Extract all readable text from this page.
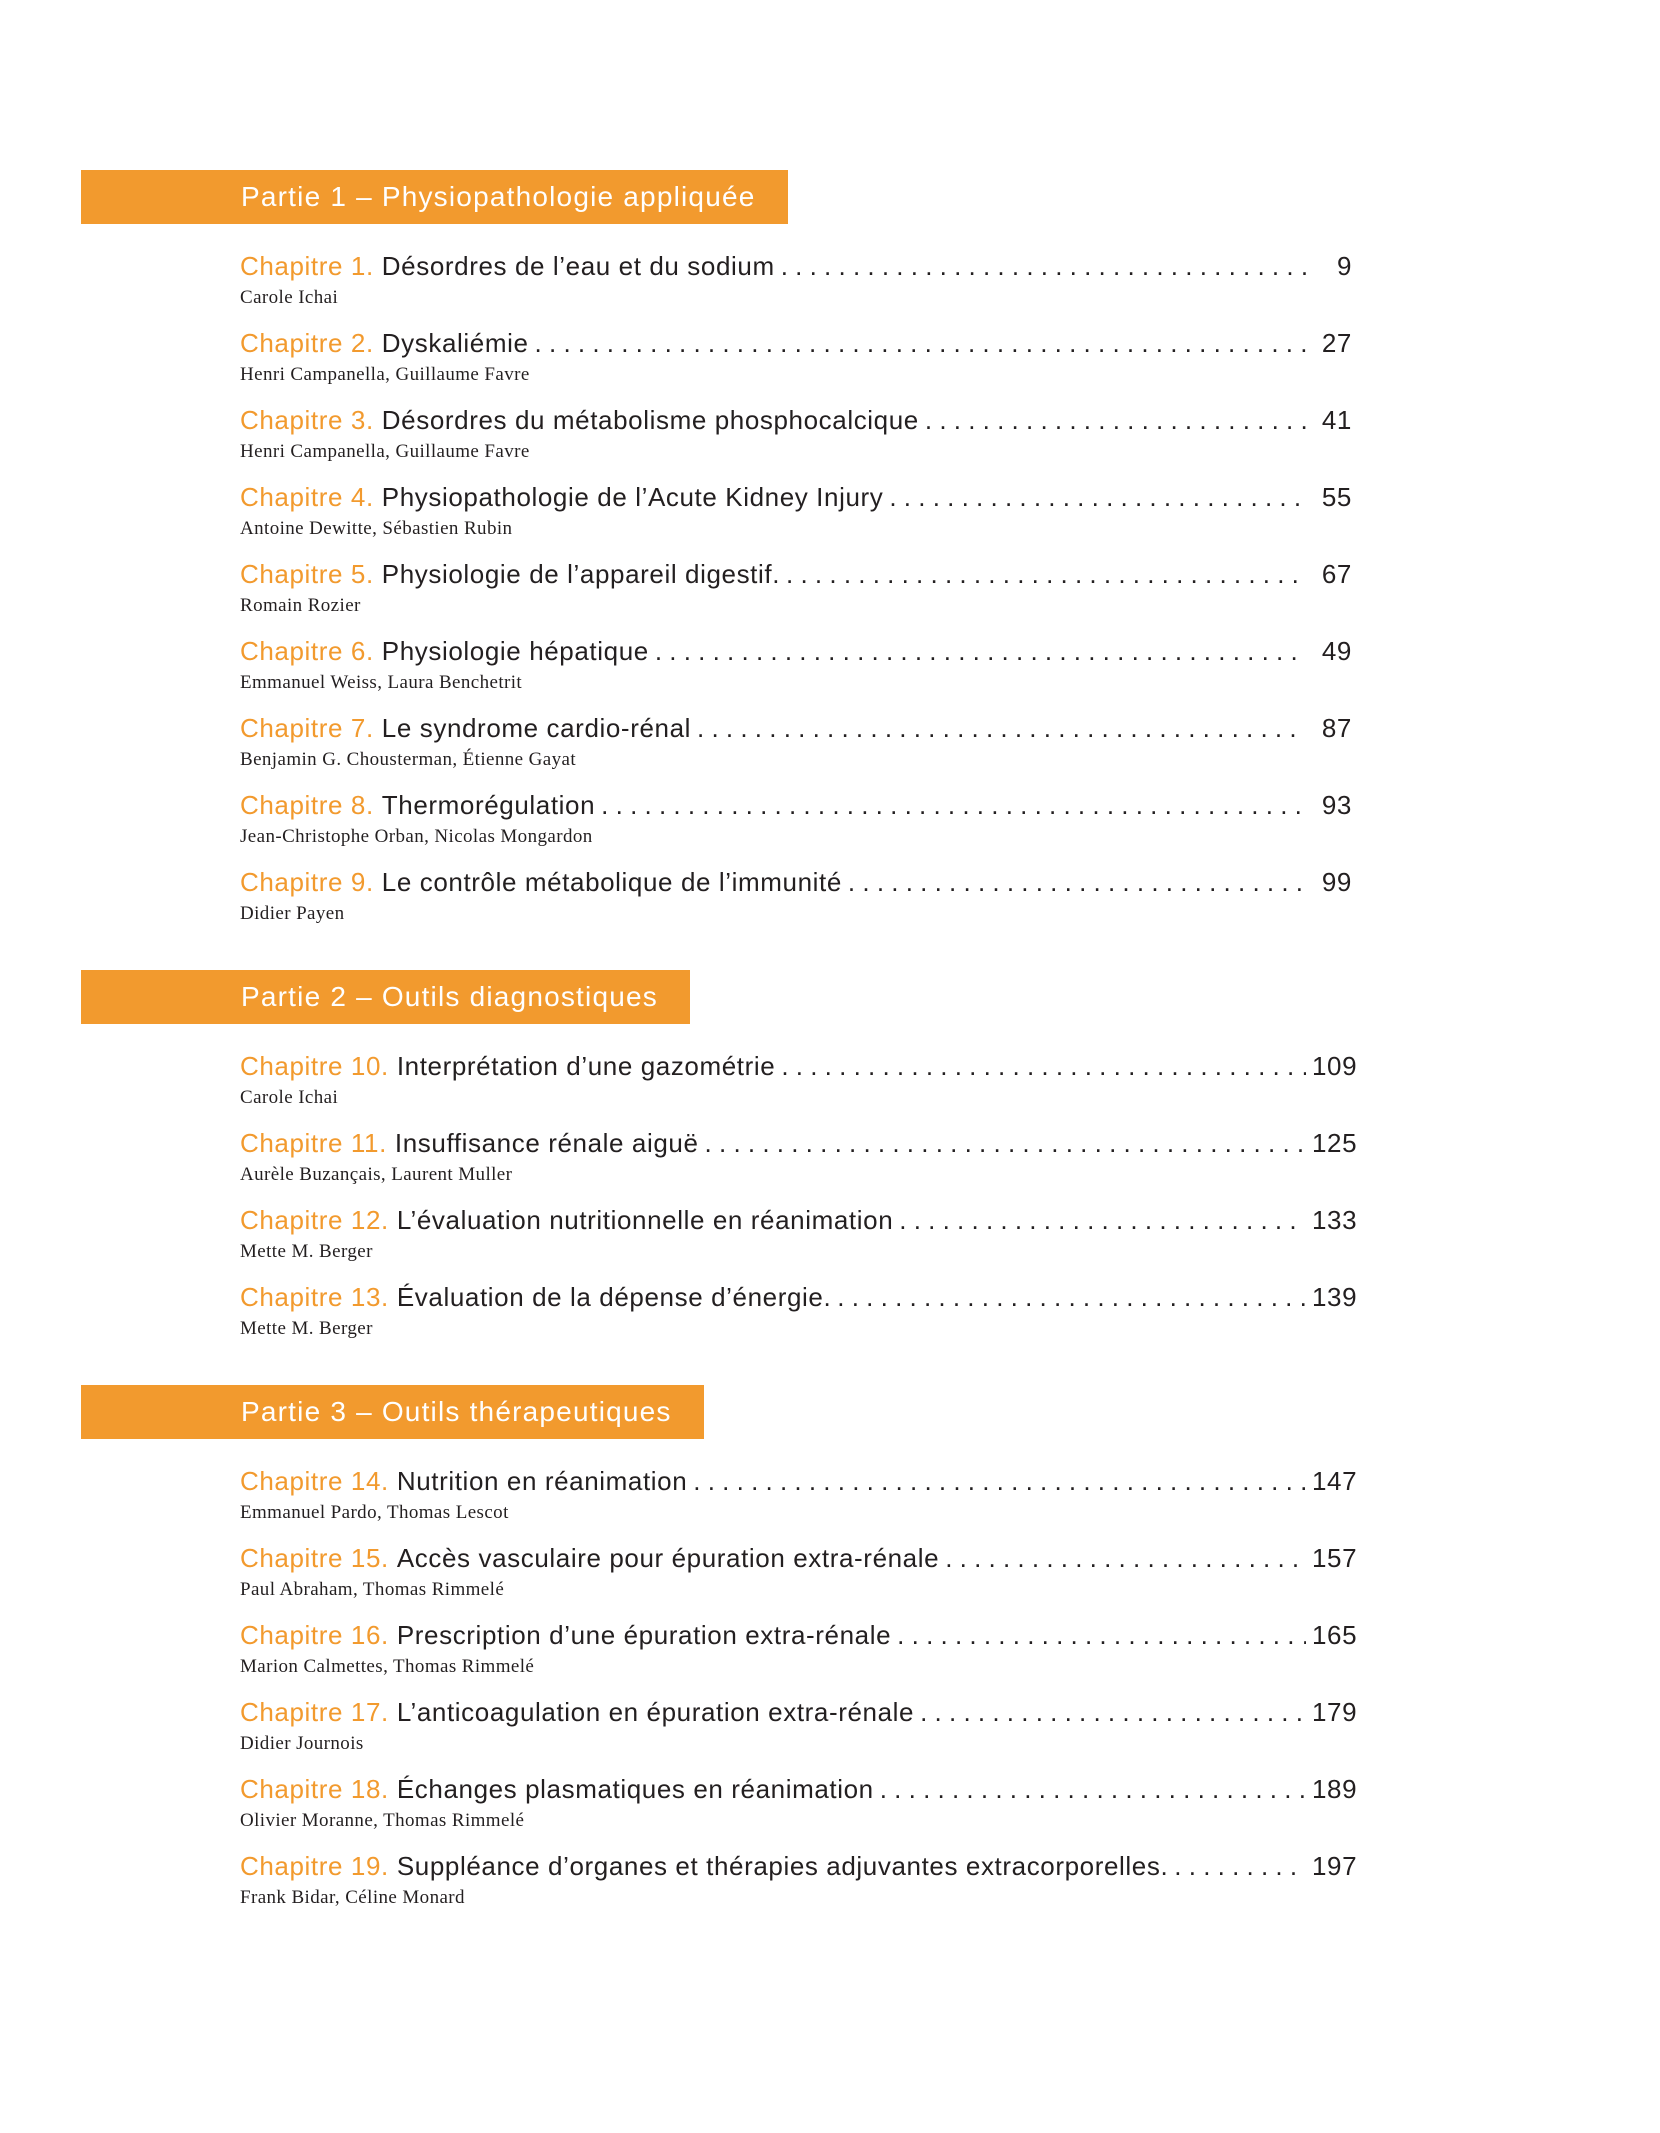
Partie 1 – Physiopathologie appliquée
Chapitre 1. Désordres de l’eau et du sodium . . .	9
Carole Ichai
Chapitre 2. Dyskaliémie . . .	27
Henri Campanella, Guillaume Favre
Chapitre 3. Désordres du métabolisme phosphocalcique . . .	41
Henri Campanella, Guillaume Favre
Chapitre 4. Physiopathologie de l’Acute Kidney Injury . . .	55
Antoine Dewitte, Sébastien Rubin
Chapitre 5. Physiologie de l’appareil digestif. . . .	67
Romain Rozier
Chapitre 6. Physiologie hépatique . . .	49
Emmanuel Weiss, Laura Benchetrit
Chapitre 7. Le syndrome cardio-rénal . . .	87
Benjamin G. Chousterman, Étienne Gayat
Chapitre 8. Thermorégulation . . .	93
Jean-Christophe Orban, Nicolas Mongardon
Chapitre 9. Le contrôle métabolique de l’immunité . . .	99
Didier Payen
Partie 2 – Outils diagnostiques
Chapitre 10. Interprétation d’une gazométrie . . .	109
Carole Ichai
Chapitre 11. Insuffisance rénale aiguë . . .	125
Aurèle Buzançais, Laurent Muller
Chapitre 12. L’évaluation nutritionnelle en réanimation . . .	133
Mette M. Berger
Chapitre 13. Évaluation de la dépense d’énergie. . . .	139
Mette M. Berger
Partie 3 – Outils thérapeutiques
Chapitre 14. Nutrition en réanimation . . .	147
Emmanuel Pardo, Thomas Lescot
Chapitre 15. Accès vasculaire pour épuration extra-rénale . . .	157
Paul Abraham, Thomas Rimmelé
Chapitre 16. Prescription d’une épuration extra-rénale . . .	165
Marion Calmettes, Thomas Rimmelé
Chapitre 17. L’anticoagulation en épuration extra-rénale . . .	179
Didier Journois
Chapitre 18. Échanges plasmatiques en réanimation . . .	189
Olivier Moranne, Thomas Rimmelé
Chapitre 19. Suppléance d’organes et thérapies adjuvantes extracorporelles. . . .	197
Frank Bidar, Céline Monard
